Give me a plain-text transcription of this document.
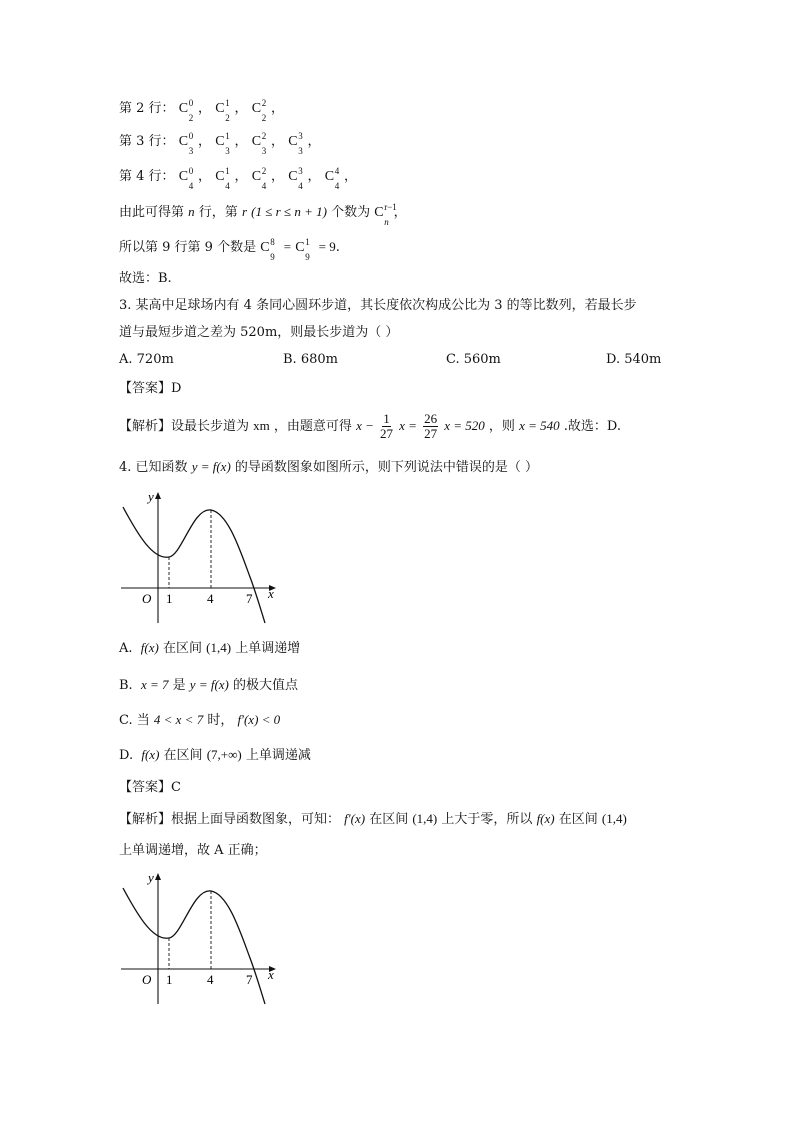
第 2 行： C 0
2
， C 1
2
， C 2
2
，
第 3 行： C 0
3
， C 1
3
， C 2
3
， C 3
3
，
第 4 行： C 0
4
， C 1
4
， C 2
4
， C 3
4
， C 4
4
，
由此可得第 n 行，第 r (1 ≤ r ≤ n + 1) 个数为 C r−1
n
，
所以第 9 行第 9 个数是 C 8
9
= C 1
9
= 9.
故选：B.
3. 某高中足球场内有 4 条同心圆环步道，其长度依次构成公比为 3 的等比数列，若最长步
道与最短步道之差为 520m，则最长步道为（ ）
A. 720m	B. 680m	C. 560m	D. 540m
【答案】D
【解析】设最长步道为 xm ，由题意可得 $x - \frac{1}{27}$ $x = \frac{26}{27}$ x = 520 ，则 x = 540 .故选：D.
4. 已知函数 y = f(x) 的导函数图象如图所示，则下列说法中错误的是（ ）
y
x
O 1	4	7
A. f(x) 在区间 (1,4) 上单调递增
B. x = 7 是 y = f(x) 的极大值点
C. 当 4 < x < 7 时， f′(x) < 0
D. f(x) 在区间 (7,+∞) 上单调递减
【答案】C
【解析】根据上面导函数图象，可知： f′(x) 在区间 (1,4) 上大于零，所以 f(x) 在区间 (1,4)
上单调递增，故 A 正确；
y
x
O 1	4	7
